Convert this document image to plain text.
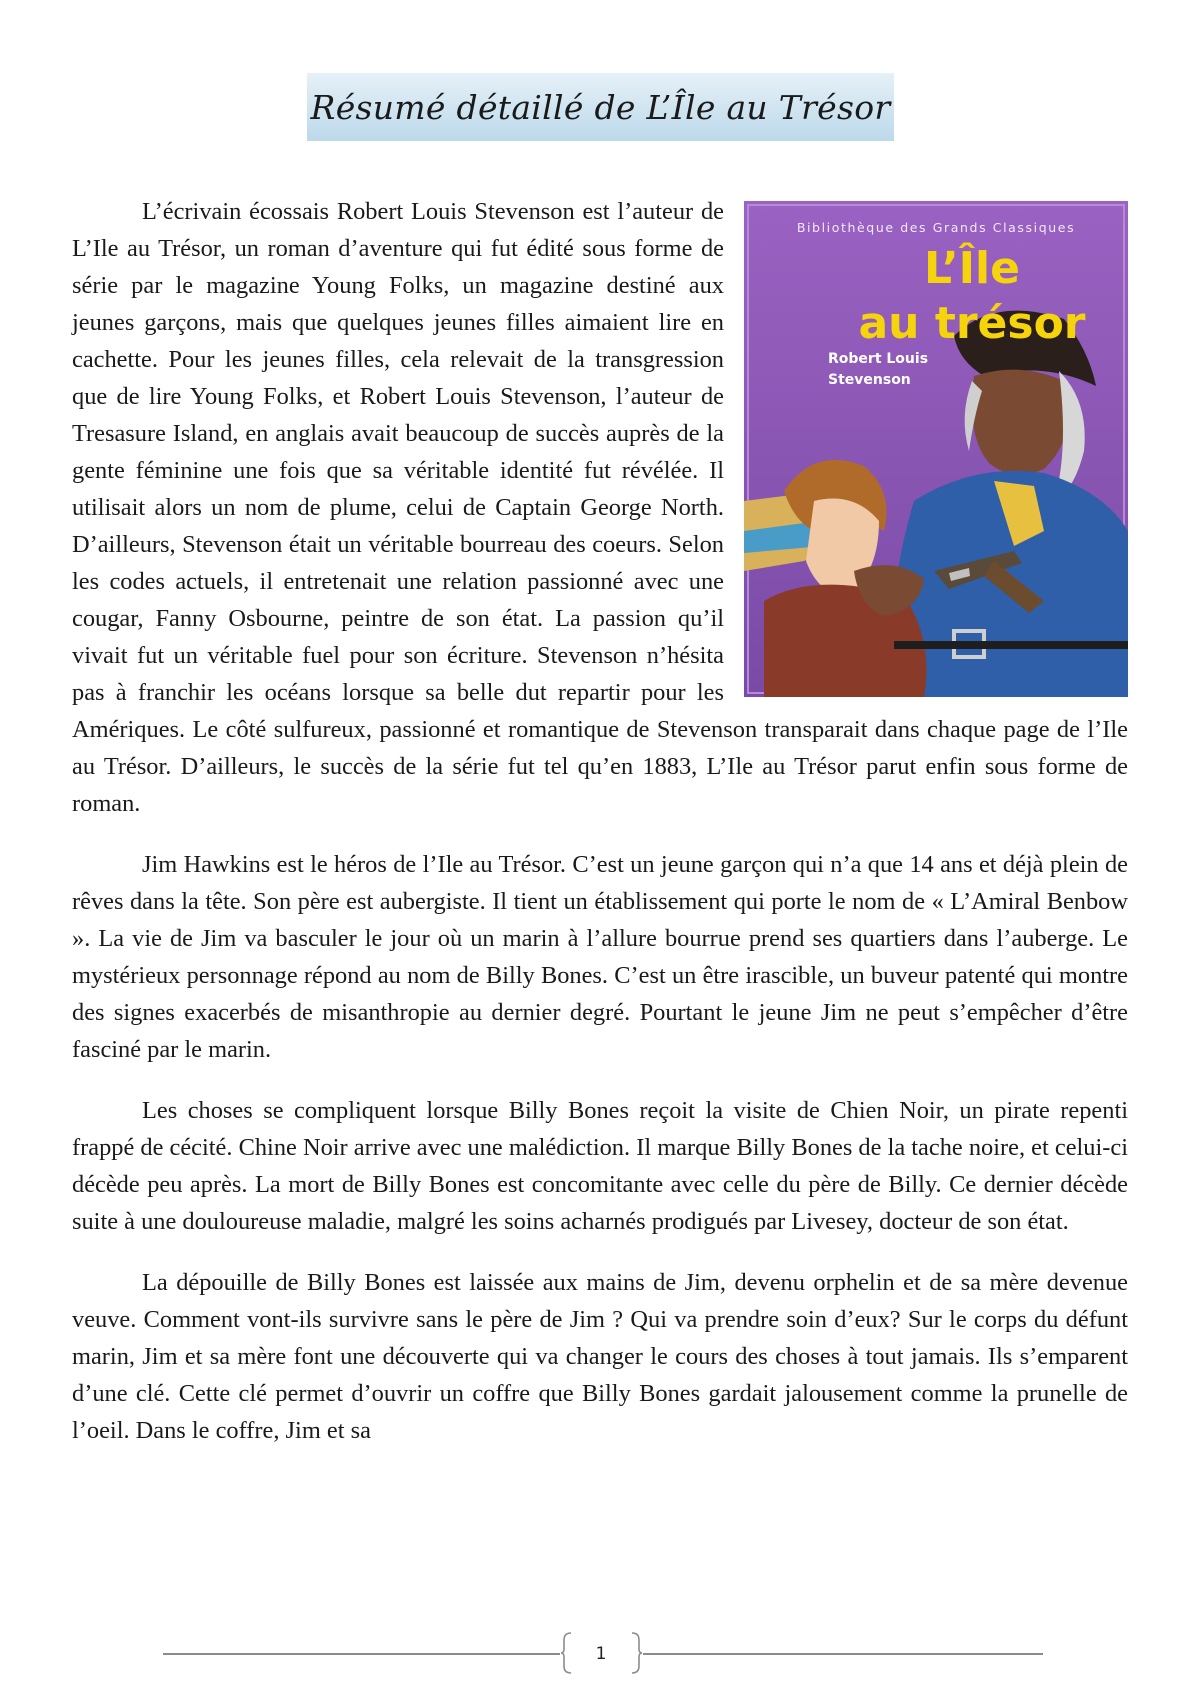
Résumé détaillé de L’Île au Trésor
Bibliothèque des Grands Classiques
L’Île
au trésor
Robert Louis
Stevenson

L’écrivain écossais Robert Louis Stevenson est l’auteur de L’Ile au Trésor, un roman d’aventure qui fut édité sous forme de série par le magazine Young Folks, un magazine destiné aux jeunes garçons, mais que quelques jeunes filles aimaient lire en cachette. Pour les jeunes filles, cela relevait de la transgression que de lire Young Folks, et Robert Louis Stevenson, l’auteur de Tresasure Island, en anglais avait beaucoup de succès auprès de la gente féminine une fois que sa véritable identité fut révélée. Il utilisait alors un nom de plume, celui de Captain George North. D’ailleurs, Stevenson était un véritable bourreau des coeurs. Selon les codes actuels, il entretenait une relation passionné avec une cougar, Fanny Osbourne, peintre de son état. La passion qu’il vivait fut un véritable fuel pour son écriture. Stevenson n’hésita pas à franchir les océans lorsque sa belle dut repartir pour les Amériques. Le côté sulfureux, passionné et romantique de Stevenson transparait dans chaque page de l’Ile au Trésor. D’ailleurs, le succès de la série fut tel qu’en 1883, L’Ile au Trésor parut enfin sous forme de roman.

Jim Hawkins est le héros de l’Ile au Trésor. C’est un jeune garçon qui n’a que 14 ans et déjà plein de rêves dans la tête. Son père est aubergiste. Il tient un établissement qui porte le nom de « L’Amiral Benbow ». La vie de Jim va basculer le jour où un marin à l’allure bourrue prend ses quartiers dans l’auberge. Le mystérieux personnage répond au nom de Billy Bones. C’est un être irascible, un buveur patenté qui montre des signes exacerbés de misanthropie au dernier degré. Pourtant le jeune Jim ne peut s’empêcher d’être fasciné par le marin.

Les choses se compliquent lorsque Billy Bones reçoit la visite de Chien Noir, un pirate repenti frappé de cécité. Chine Noir arrive avec une malédiction. Il marque Billy Bones de la tache noire, et celui-ci décède peu après. La mort de Billy Bones est concomitante avec celle du père de Billy. Ce dernier décède suite à une douloureuse maladie, malgré les soins acharnés prodigués par Livesey, docteur de son état.

La dépouille de Billy Bones est laissée aux mains de Jim, devenu orphelin et de sa mère devenue veuve. Comment vont-ils survivre sans le père de Jim ? Qui va prendre soin d’eux? Sur le corps du défunt marin, Jim et sa mère font une découverte qui va changer le cours des choses à tout jamais. Ils s’emparent d’une clé. Cette clé permet d’ouvrir un coffre que Billy Bones gardait jalousement comme la prunelle de l’oeil. Dans le coffre, Jim et sa

1
